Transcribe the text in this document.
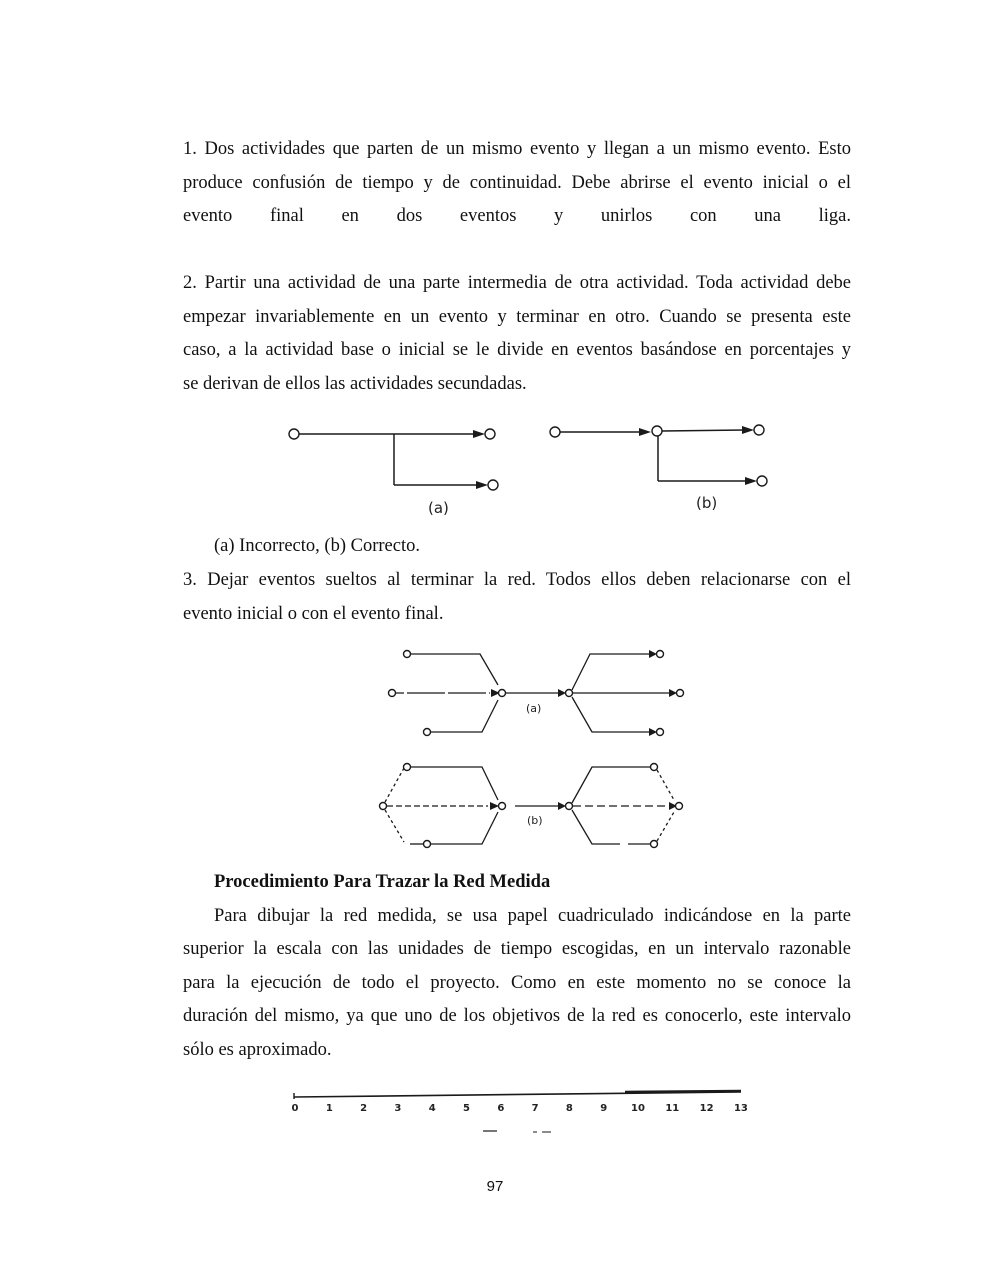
1. Dos actividades que parten de un mismo evento y llegan a un mismo evento. Esto
produce confusión de tiempo y de continuidad. Debe abrirse el evento inicial o el
evento final en dos eventos y unirlos con una liga.
2. Partir una actividad de una parte intermedia de otra actividad. Toda actividad debe
empezar invariablemente en un evento y terminar en otro. Cuando se presenta este
caso, a la actividad base o inicial se le divide en eventos basándose en porcentajes y
se derivan de ellos las actividades secundadas.
(a)	(b)
(a) Incorrecto, (b) Correcto.
3. Dejar eventos sueltos al terminar la red. Todos ellos deben relacionarse con el
evento inicial o con el evento final.
(a)
(b)
Procedimiento Para Trazar la Red Medida
Para dibujar la red medida, se usa papel cuadriculado indicándose en la parte
superior la escala con las unidades de tiempo escogidas, en un intervalo razonable
para la ejecución de todo el proyecto. Como en este momento no se conoce la
duración del mismo, ya que uno de los objetivos de la red es conocerlo, este intervalo
sólo es aproximado.
0	1	2	3	4	5	6	7	8	9 10 11 12 13
97
